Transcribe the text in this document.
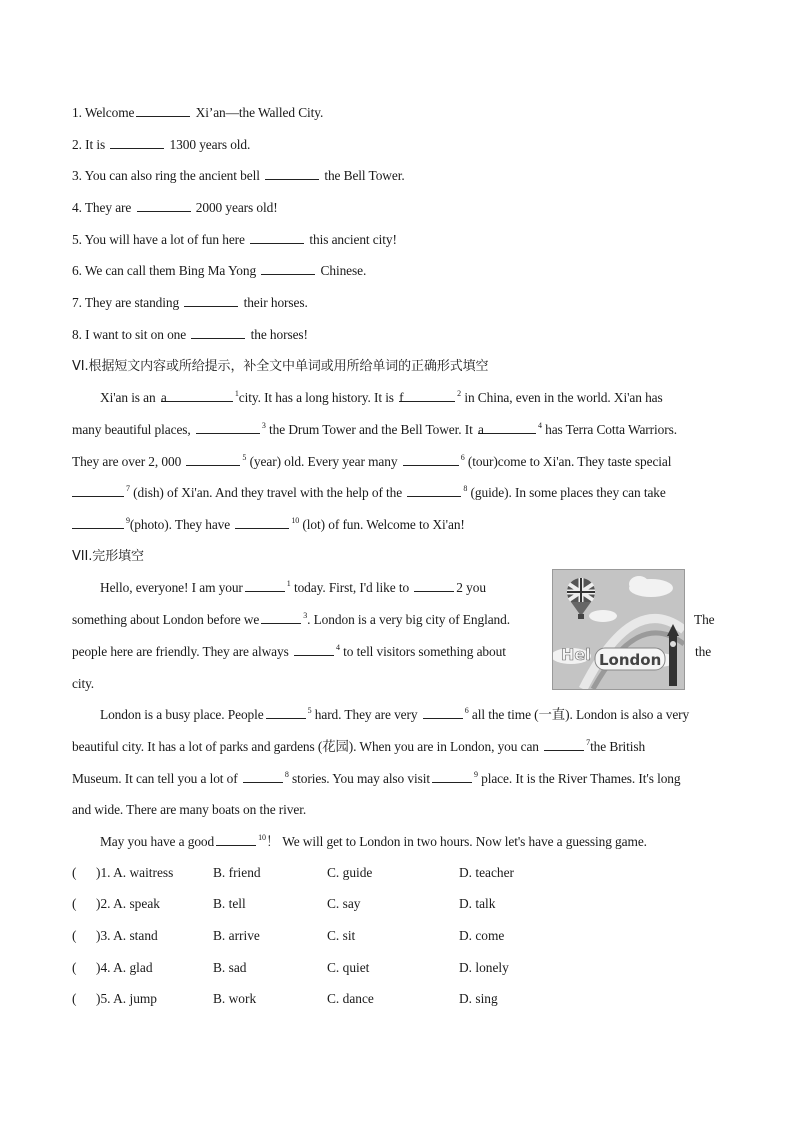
1. Welcome	Xi’an—the Walled City.
2. It is	1300 years old.
3. You can also ring the ancient bell	the Bell Tower.
4. They are	2000 years old!
5. You will have a lot of fun here	this ancient city!
6. We can call them Bing Ma Yong	Chinese.
7. They are standing	their horses.
8. I want to sit on one	the horses!
VI.根据短文内容或所给提示，补全文中单词或用所给单词的正确形式填空
Xi'an is an a	$^1$city. It has a long history. It is f	$^2$ in China, even in the world. Xi'an has
many beautiful places,	$^3$ the Drum Tower and the Bell Tower. It a	$^4$ has Terra Cotta Warriors.
They are over 2, 000	$^5$ (year) old. Every year many	$^6$ (tour)come to Xi'an. They taste special
$^7$ (dish) of Xi'an. And they travel with the help of the	$^8$ (guide). In some places they can take
$^9$(photo). They have	$^{10}$ (lot) of fun. Welcome to Xi'an!
VII.完形填空
Hello, everyone! I am your	$^1$ today. First, I'd like to	2 you
something about London before we	$^3$. London is a very big city of England.	The
people here are friendly. They are always	$^4$ to tell visitors something about	the
city.
Hel London
London is a busy place. People	$^5$ hard. They are very	$^6$ all the time (一直). London is also a very
beautiful city. It has a lot of parks and gardens (花园). When you are in London, you can	$^7$the British
Museum. It can tell you a lot of	$^8$ stories. You may also visit	$^9$ place. It is the River Thames. It's long
and wide. There are many boats on the river.
May you have a good	$^{10}$！ We will get to London in two hours. Now let's have a guessing game.
( )1. A. waitress	B. friend	C. guide	D. teacher
( )2. A. speak	B. tell	C. say	D. talk
( )3. A. stand	B. arrive	C. sit	D. come
( )4. A. glad	B. sad	C. quiet	D. lonely
( )5. A. jump	B. work	C. dance	D. sing
